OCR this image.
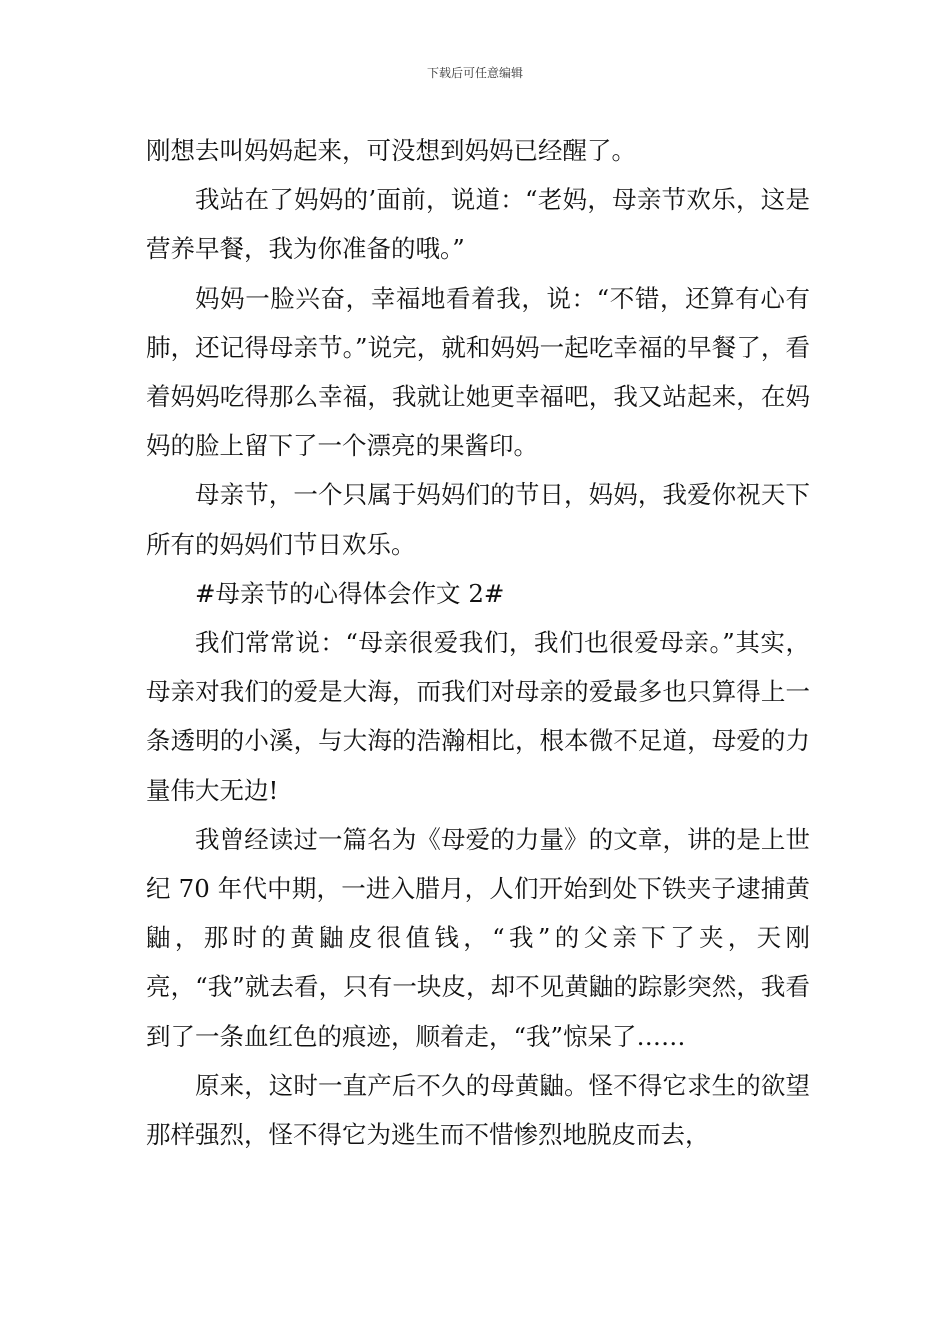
下载后可任意编辑

刚想去叫妈妈起来，可没想到妈妈已经醒了。

我站在了妈妈的’面前，说道：“老妈，母亲节欢乐，这是营养早餐，我为你准备的哦。”

妈妈一脸兴奋，幸福地看着我，说：“不错，还算有心有肺，还记得母亲节。”说完，就和妈妈一起吃幸福的早餐了，看着妈妈吃得那么幸福，我就让她更幸福吧，我又站起来，在妈妈的脸上留下了一个漂亮的果酱印。

母亲节，一个只属于妈妈们的节日，妈妈，我爱你祝天下所有的妈妈们节日欢乐。

#母亲节的心得体会作文 2#

我们常常说：“母亲很爱我们，我们也很爱母亲。”其实，母亲对我们的爱是大海，而我们对母亲的爱最多也只算得上一条透明的小溪，与大海的浩瀚相比，根本微不足道，母爱的力量伟大无边!

我曾经读过一篇名为《母爱的力量》的文章，讲的是上世纪 70 年代中期，一进入腊月，人们开始到处下铁夹子逮捕黄鼬，那时的黄鼬皮很值钱，“我”的父亲下了夹，天刚亮，“我”就去看，只有一块皮，却不见黄鼬的踪影突然，我看到了一条血红色的痕迹，顺着走，“我”惊呆了……

原来，这时一直产后不久的母黄鼬。怪不得它求生的欲望那样强烈，怪不得它为逃生而不惜惨烈地脱皮而去，
